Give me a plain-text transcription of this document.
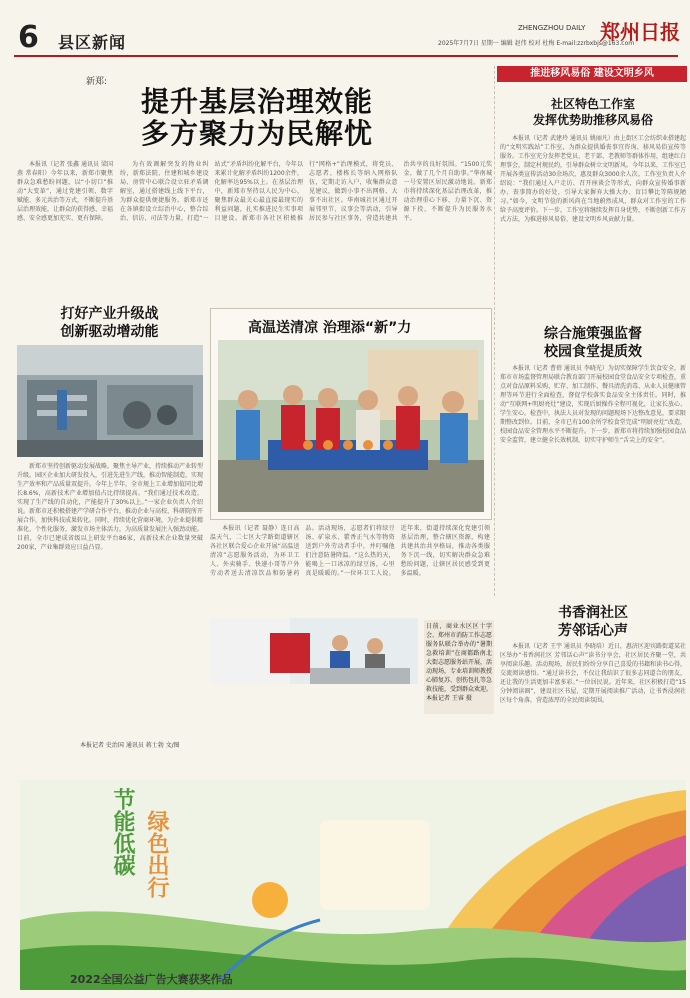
6 县区新闻
ZHENGZHOU DAILY 郑州日报
2025年7月7日 星期一 编辑 赵伟 校对 杜梅 E-mail:zzrbxbjs@163.com
新郑:
提升基层治理效能
多方聚力为民解忧

本报讯（记者 张鑫 通讯员 梁国燕 常春阳）今年以来，新郑市聚焦群众急难愁盼问题，以“小切口”推动“大变革”，通过党建引领、数字赋能、多元共治等方式，不断提升基层治理效能，让群众的获得感、幸福感、安全感更加充实、更有保障。

为有效调解突发的物业纠纷，新郑法院、住建和城乡建设局、房管中心联合设立驻矛盾调解室，通过搭建线上线下平台，为群众提供便捷服务。新郑市还在各镇街设立综治中心，整合综治、信访、司法等力量，打造“一站式”矛盾纠纷化解平台，今年以来累计化解矛盾纠纷1200余件，化解率达95%以上。在基层治理中，新郑市坚持以人民为中心，聚焦群众最关心最直接最现实的利益问题，扎实推进民生实事项目建设。新郑市各社区积极推行“网格+”治理模式，将党员、志愿者、楼栋长等纳入网格队伍，定期走访入户，收集群众意见建议，做到小事不出网格、大事不出社区。华南城社区通过开展邻里节、议事会等活动，引导居民参与社区事务，营造共建共治共享的良好氛围。“1500元奖金，做了几个月自助事。”华南城一号安置区居民激动地说。新郑市将持续深化基层治理改革，推动治理重心下移、力量下沉、资源下投，不断提升为民服务水平。

推进移风易俗 建设文明乡风
社区特色工作室
发挥优势助推移风易俗

本报讯（记者 武建玲 通讯员 姚丽凡）由上街区工会纺织业搭建起的“文明实践站”工作室，为群众提供婚丧事宜咨询、移风易俗宣传等服务。工作室充分发挥老党员、老干部、老教师等群体作用，组建红白理事会，制定村规民约，引导群众树立文明新风。今年以来，工作室已开展各类宣传活动30余场次，惠及群众3000余人次。工作室负责人介绍说：“我们通过入户走访、召开座谈会等形式，向群众宣传婚事新办、丧事简办的好处，引导大家摒弃大操大办、盲目攀比等陈规陋习。”如今，文明节俭的新风尚在当地蔚然成风，群众对工作室的工作给予高度评价。下一步，工作室将继续发挥自身优势，不断创新工作方式方法，为推进移风易俗、建设文明乡风贡献力量。

打好产业升级战
创新驱动增动能

新郑市坚持创新驱动发展战略，聚焦主导产业，持续推动产业转型升级。园区企业加大研发投入，引进先进生产线，推动智能制造，实现生产效率和产品质量双提升。今年上半年，全市规上工业增加值同比增长8.6%，高新技术产业增加值占比持续提高。“我们通过技术改造，实现了生产线的自动化，产能提升了30%以上。”一家企业负责人介绍说。新郑市还积极搭建产学研合作平台，推动企业与高校、科研院所开展合作，加快科技成果转化。同时，持续优化营商环境，为企业提供精准化、个性化服务，激发市场主体活力，为高质量发展注入强劲动能。目前，全市已建成省级以上研发平台86家，高新技术企业数量突破200家，产业集群效应日益凸显。

本报记者 史治国 通讯员 蒋士勃 文/图
高温送清凉 治理添“新”力

本报讯（记者 聂静）连日高温天气，二七区大学路街道辖区各社区联合爱心企业开展“高温送清凉”志愿服务活动，为环卫工人、外卖骑手、快递小哥等户外劳动者送去清凉饮品和防暑药品。活动现场，志愿者们将绿豆汤、矿泉水、藿香正气水等物资送到户外劳动者手中，并叮嘱他们注意防暑降温。“这么热的天，能喝上一口冰凉的绿豆汤，心里真是暖暖的。”一位环卫工人说。近年来，街道持续深化党建引领基层治理，整合辖区资源，构建共建共治共享格局，推动各类服务下沉一线，切实解决群众急难愁盼问题，让辖区居民感受到更多温暖。

日前，商业水区区十字会、郑州市消防工作志愿服务队联合举办的“暑期急救培训”在商都路南北大街志愿服务站开展，活动现场，专业培训师教授心肺复苏、创伤包扎等急救技能，受到群众欢迎。本报记者 王睿 摄

综合施策强监督
校园食堂提质效

本报讯（记者 曹蓓 通讯员 李晓光）为切实保障学生饮食安全，新郑市市场监督管理局联合教育部门开展校园食堂食品安全专项检查，重点对食品原料采购、贮存、加工制作、餐具清洗消毒、从业人员健康管理等环节进行全面检查，督促学校落实食品安全主体责任。同时，推动“互联网+明厨亮灶”建设，实现后厨操作全程可视化，让家长放心、学生安心。检查中，执法人员对发现的问题现场下达整改意见，要求限期整改到位。目前，全市已有100余所学校食堂完成“明厨亮灶”改造，校园食品安全管理水平不断提升。下一步，新郑市将持续加强校园食品安全监管，建立健全长效机制，切实守护师生“舌尖上的安全”。

书香润社区
芳邻话心声

本报讯（记者 王宇 通讯员 李晓培）近日，惠济区迎宾路街道某社区举办“书香润社区 芳邻话心声”读书分享会，社区居民齐聚一堂，共享阅读乐趣。活动现场，居民们纷纷分享自己喜爱的书籍和读书心得，交流阅读感悟。“通过读书会，不仅让我结识了很多志同道合的朋友，还让我的生活更加丰富多彩。”一位居民说。近年来，社区积极打造“15分钟阅读圈”，建设社区书屋，定期开展阅读推广活动，让书香浸润社区每个角落，营造浓厚的全民阅读氛围。

节能低碳 绿色出行
2022全国公益广告大赛获奖作品
